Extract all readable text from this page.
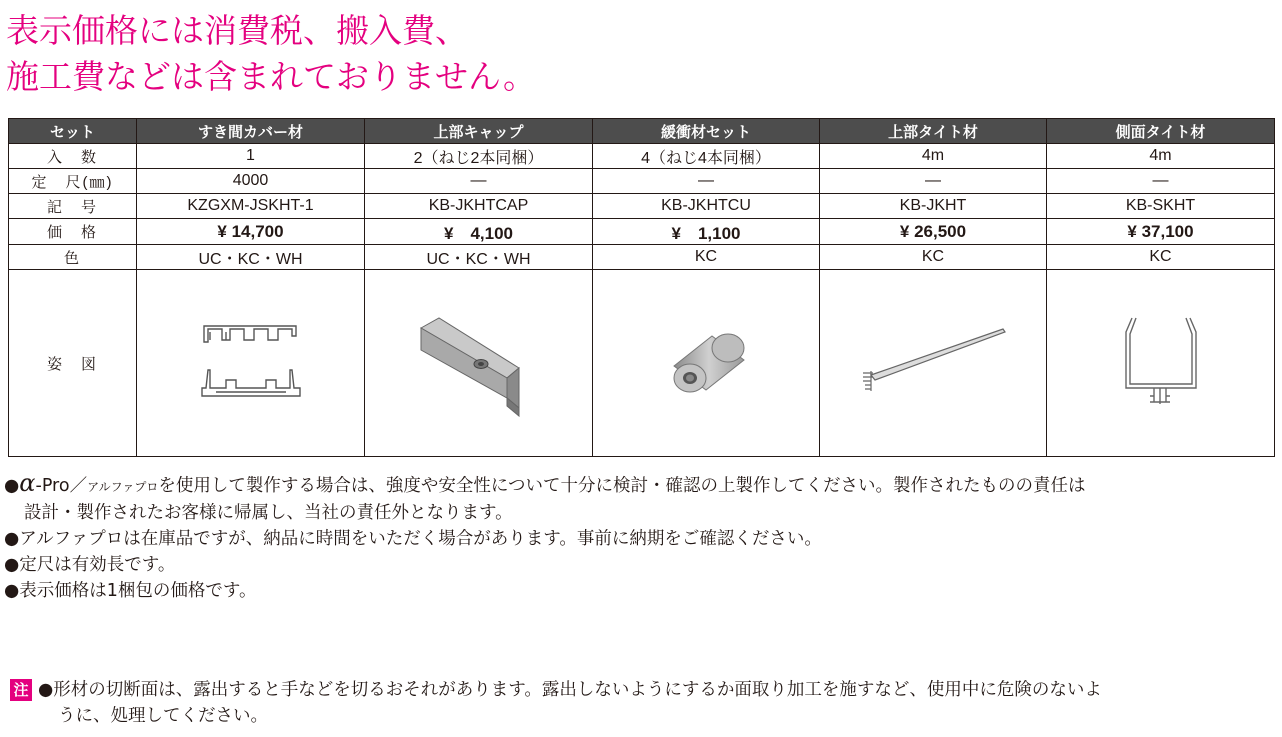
表示価格には消費税、搬入費、
施工費などは含まれておりません。
セット	すき間カバー材	上部キャップ	緩衝材セット	上部タイト材	側面タイト材
入　数	1	2（ねじ2本同梱）	4（ねじ4本同梱）	4m	4m
定　尺(㎜)	4000	—	—	—	—
記　号	KZGXM-JSKHT-1	KB-JKHTCAP	KB-JKHTCU	KB-JKHT	KB-SKHT
価　格	¥ 14,700	¥　4,100	¥　1,100	¥ 26,500	¥ 37,100
色	UC・KC・WH	UC・KC・WH	KC	KC	KC
姿　図	

●α-Pro／アルファプロを使用して製作する場合は、強度や安全性について十分に検討・確認の上製作してください。製作されたものの責任は
設計・製作されたお客様に帰属し、当社の責任外となります。
●アルファプロは在庫品ですが、納品に時間をいただく場合があります。事前に納期をご確認ください。
●定尺は有効長です。
●表示価格は1梱包の価格です。
注 ●形材の切断面は、露出すると手などを切るおそれがあります。露出しないようにするか面取り加工を施すなど、使用中に危険のないよ
うに、処理してください。
